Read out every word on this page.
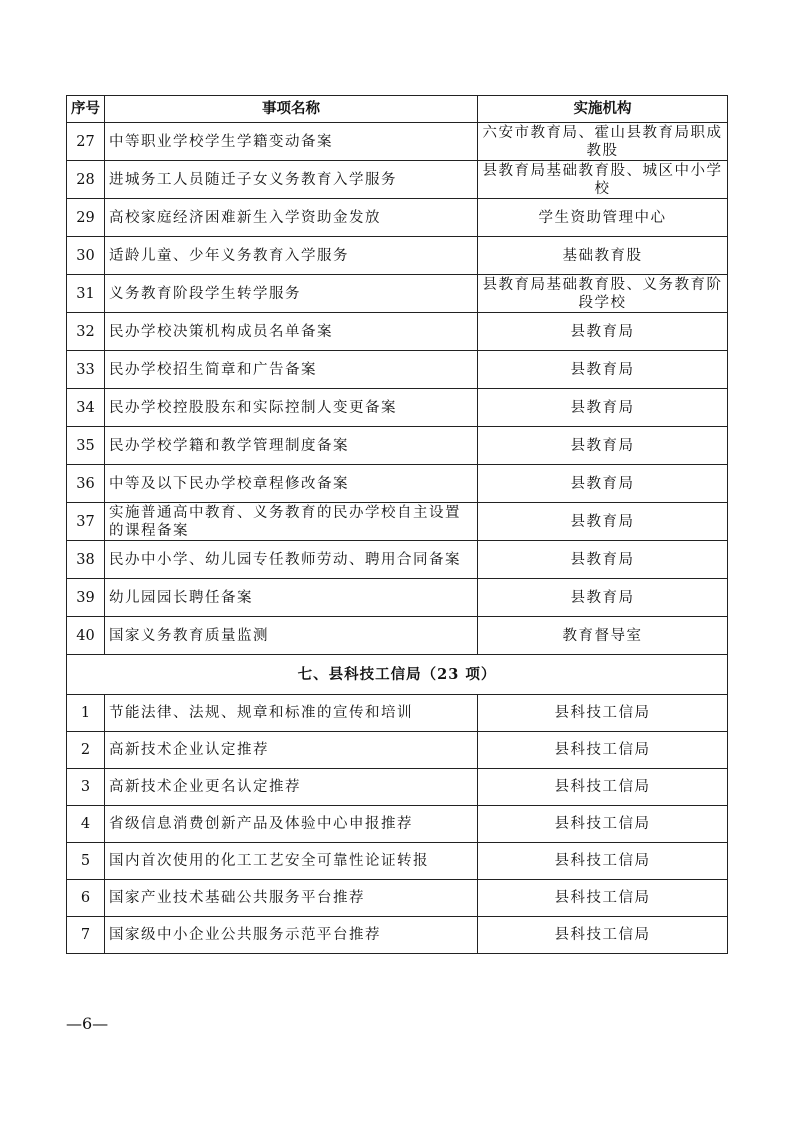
序号	事项名称	实施机构
27	中等职业学校学生学籍变动备案	六安市教育局、霍山县教育局职成教股
28	进城务工人员随迁子女义务教育入学服务	县教育局基础教育股、城区中小学校
29	高校家庭经济困难新生入学资助金发放	学生资助管理中心
30	适龄儿童、少年义务教育入学服务	基础教育股
31	义务教育阶段学生转学服务	县教育局基础教育股、义务教育阶段学校
32	民办学校决策机构成员名单备案	县教育局
33	民办学校招生简章和广告备案	县教育局
34	民办学校控股股东和实际控制人变更备案	县教育局
35	民办学校学籍和教学管理制度备案	县教育局
36	中等及以下民办学校章程修改备案	县教育局
37	实施普通高中教育、义务教育的民办学校自主设置的课程备案	县教育局
38	民办中小学、幼儿园专任教师劳动、聘用合同备案	县教育局
39	幼儿园园长聘任备案	县教育局
40	国家义务教育质量监测	教育督导室
七、县科技工信局（23 项）		
1	节能法律、法规、规章和标准的宣传和培训	县科技工信局
2	高新技术企业认定推荐	县科技工信局
3	高新技术企业更名认定推荐	县科技工信局
4	省级信息消费创新产品及体验中心申报推荐	县科技工信局
5	国内首次使用的化工工艺安全可靠性论证转报	县科技工信局
6	国家产业技术基础公共服务平台推荐	县科技工信局
7	国家级中小企业公共服务示范平台推荐	县科技工信局
—6—
